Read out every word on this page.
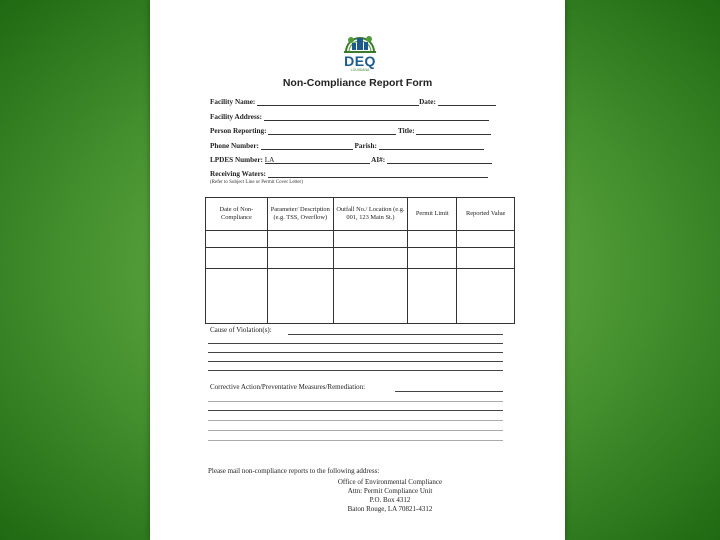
DEQ
LOUISIANA
Non-Compliance Report Form
Facility Name:	Date:
Facility Address:
Person Reporting:	Title:
Phone Number:	Parish:
LPDES Number: LA	AI#:
Receiving Waters:
(Refer to Subject Line or Permit Cover Letter)
Date of Non-Compliance	Parameter/ Description (e.g. TSS, Overflow)	Outfall No./ Location (e.g. 001, 123 Main St.)	Permit Limit	Reported Value

Cause of Violation(s):
Corrective Action/Preventative Measures/Remediation:
Please mail non-compliance reports to the following address:
Office of Environmental Compliance
Attn: Permit Compliance Unit
P.O. Box 4312
Baton Rouge, LA 70821-4312
